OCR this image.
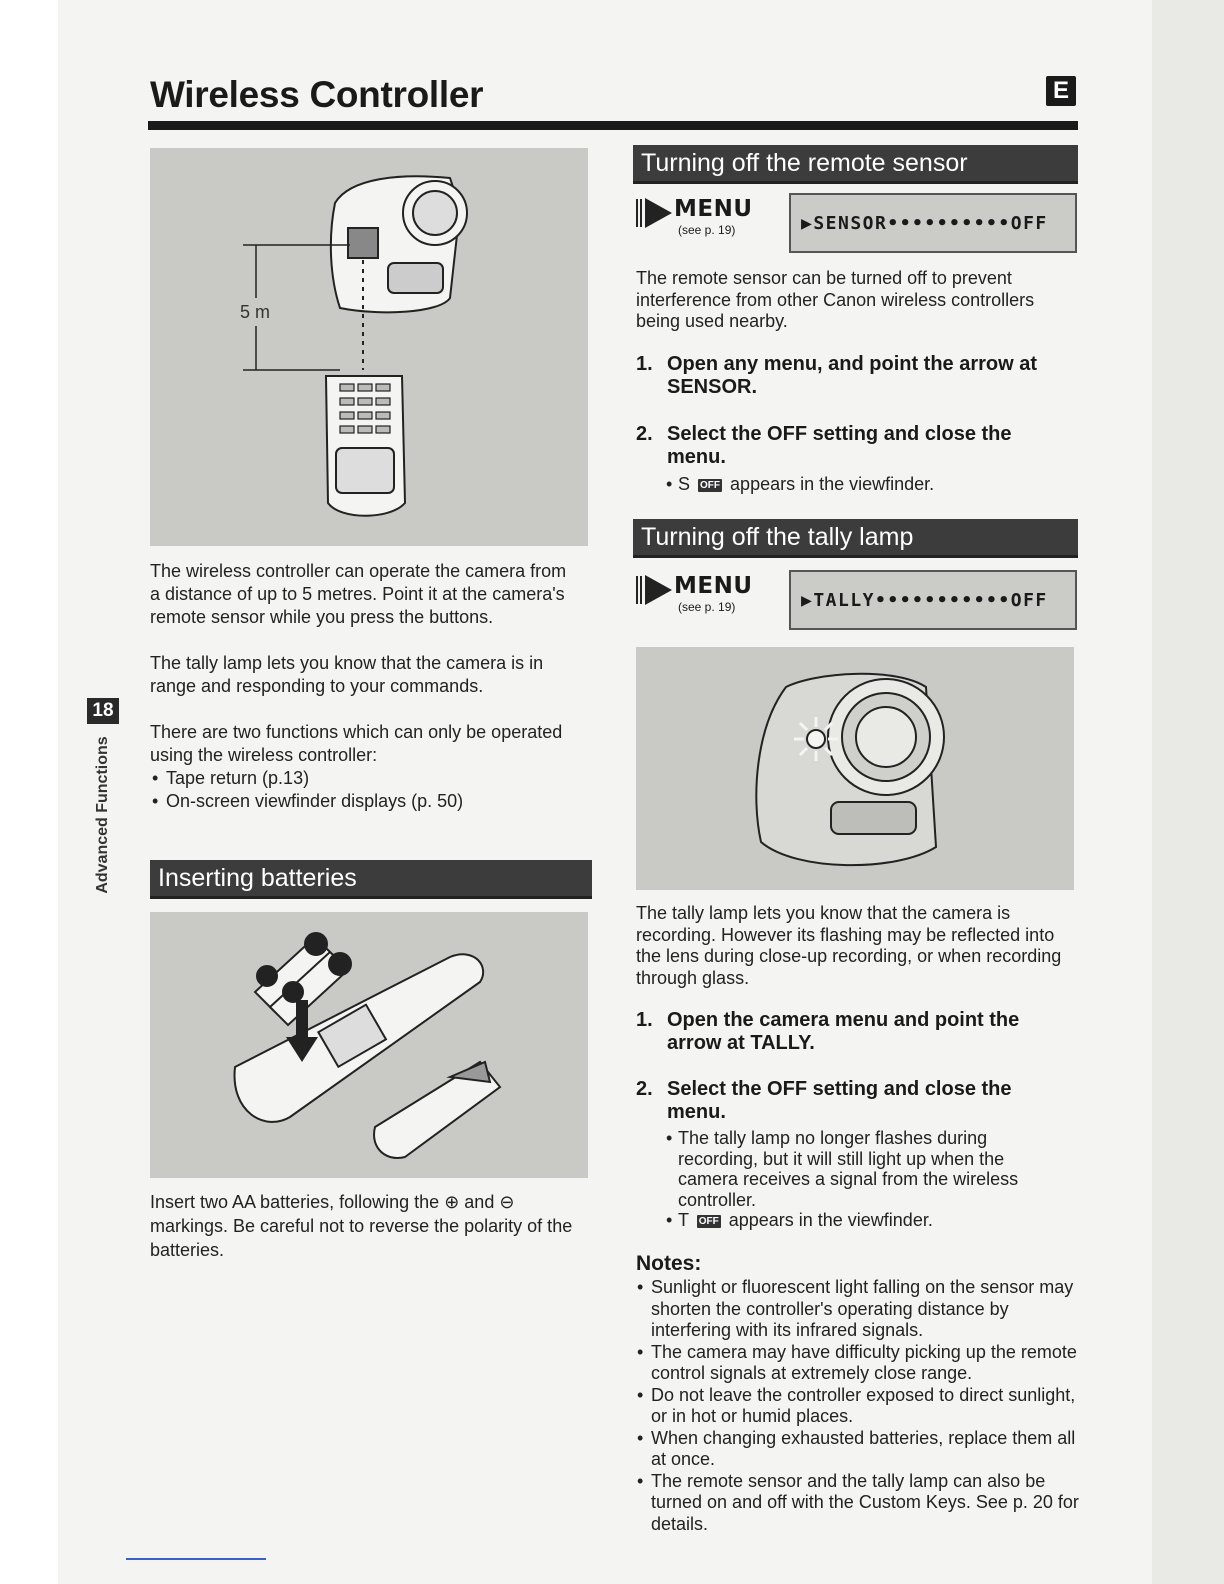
Wireless Controller	E
5 m

The wireless controller can operate the camera from a distance of up to 5 metres. Point it at the camera's remote sensor while you press the buttons.

The tally lamp lets you know that the camera is in range and responding to your commands.

There are two functions which can only be operated using the wireless controller:

• Tape return (p.13)
• On-screen viewfinder displays (p. 50)
Inserting batteries
Insert two AA batteries, following the ⊕ and ⊖ markings. Be careful not to reverse the polarity of the batteries.
18
Advanced Functions
Turning off the remote sensor
MENU
(see p. 19)	▶SENSOR••••••••••OFF
The remote sensor can be turned off to prevent interference from other Canon wireless controllers being used nearby.
1. Open any menu, and point the arrow at SENSOR.
2. Select the OFF setting and close the menu.
• S OFF appears in the viewfinder.
Turning off the tally lamp
MENU
(see p. 19)	▶TALLY•••••••••••OFF
The tally lamp lets you know that the camera is recording. However its flashing may be reflected into the lens during close-up recording, or when recording through glass.
1. Open the camera menu and point the arrow at TALLY.
2. Select the OFF setting and close the menu.
• The tally lamp no longer flashes during recording, but it will still light up when the camera receives a signal from the wireless controller.
• T OFF appears in the viewfinder.
Notes:
• Sunlight or fluorescent light falling on the sensor may shorten the controller's operating distance by interfering with its infrared signals.
• The camera may have difficulty picking up the remote control signals at extremely close range.
• Do not leave the controller exposed to direct sunlight, or in hot or humid places.
• When changing exhausted batteries, replace them all at once.
• The remote sensor and the tally lamp can also be turned on and off with the Custom Keys. See p. 20 for details.
